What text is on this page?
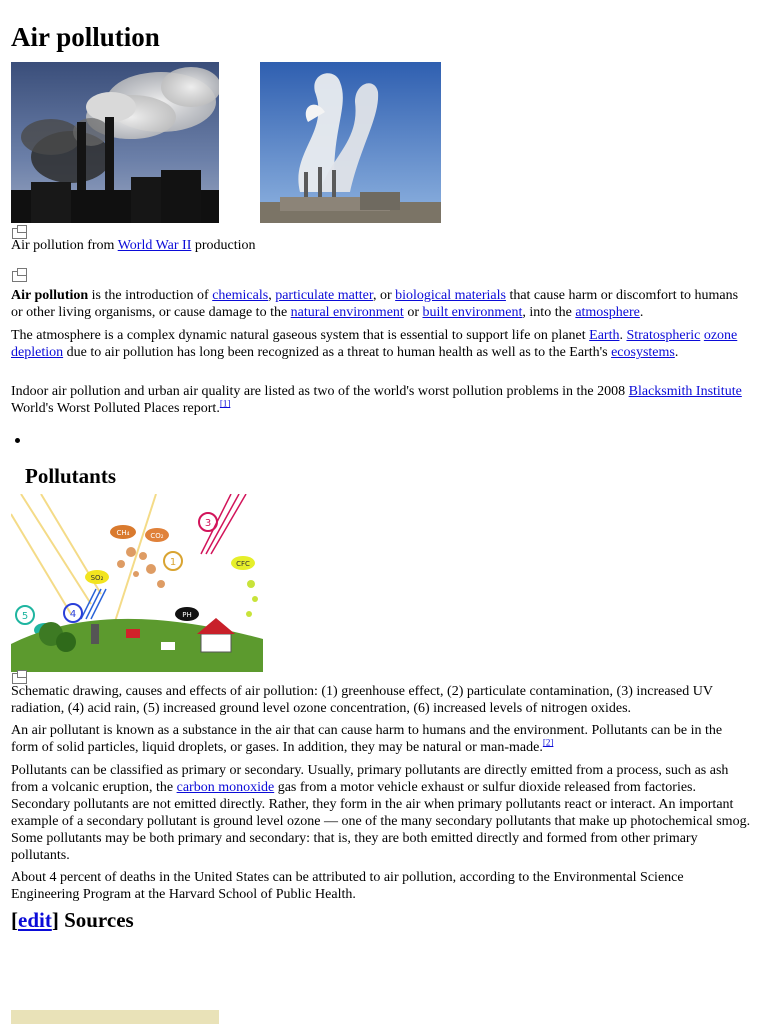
Air pollution

Air pollution from World War II production

Air pollution is the introduction of chemicals, particulate matter, or biological materials that cause harm or discomfort to humans or other living organisms, or cause damage to the natural environment or built environment, into the atmosphere.

The atmosphere is a complex dynamic natural gaseous system that is essential to support life on planet Earth. Stratospheric ozone depletion due to air pollution has long been recognized as a threat to human health as well as to the Earth's ecosystems.

Indoor air pollution and urban air quality are listed as two of the world's worst pollution problems in the 2008 Blacksmith Institute World's Worst Polluted Places report.[1]

Pollutants
CH₄	CO₂
SO₂
CFC
PH
1
3
4
5

Schematic drawing, causes and effects of air pollution: (1) greenhouse effect, (2) particulate contamination, (3) increased UV radiation, (4) acid rain, (5) increased ground level ozone concentration, (6) increased levels of nitrogen oxides.

An air pollutant is known as a substance in the air that can cause harm to humans and the environment. Pollutants can be in the form of solid particles, liquid droplets, or gases. In addition, they may be natural or man-made.[2]

Pollutants can be classified as primary or secondary. Usually, primary pollutants are directly emitted from a process, such as ash from a volcanic eruption, the carbon monoxide gas from a motor vehicle exhaust or sulfur dioxide released from factories. Secondary pollutants are not emitted directly. Rather, they form in the air when primary pollutants react or interact. An important example of a secondary pollutant is ground level ozone — one of the many secondary pollutants that make up photochemical smog. Some pollutants may be both primary and secondary: that is, they are both emitted directly and formed from other primary pollutants.

About 4 percent of deaths in the United States can be attributed to air pollution, according to the Environmental Science Engineering Program at the Harvard School of Public Health.

[edit] Sources
